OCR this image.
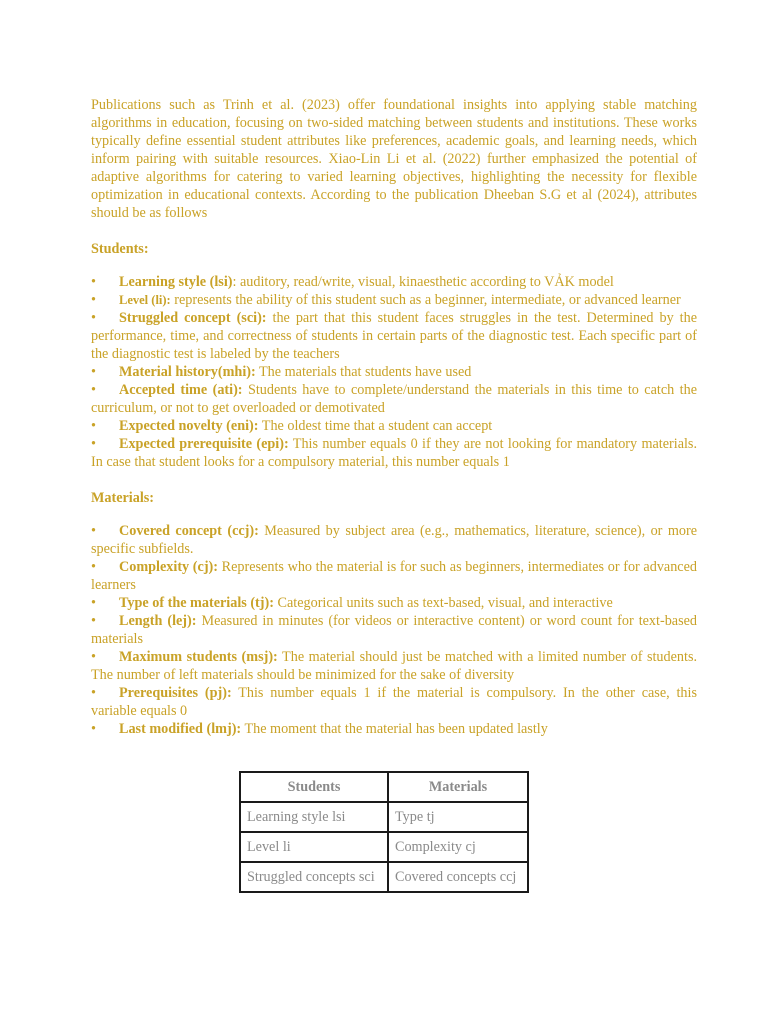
Publications such as Trinh et al. (2023) offer foundational insights into applying stable matching algorithms in education, focusing on two-sided matching between students and institutions. These works typically define essential student attributes like preferences, academic goals, and learning needs, which inform pairing with suitable resources. Xiao-Lin Li et al. (2022) further emphasized the potential of adaptive algorithms for catering to varied learning objectives, highlighting the necessity for flexible optimization in educational contexts. According to the publication Dheeban S.G et al (2024), attributes should be as follows

Students:

• Learning style (lsi): auditory, read/write, visual, kinaesthetic according to VẢK model
• Level (li): represents the ability of this student such as a beginner, intermediate, or advanced learner
• Struggled concept (sci): the part that this student faces struggles in the test. Determined by the performance, time, and correctness of students in certain parts of the diagnostic test. Each specific part of the diagnostic test is labeled by the teachers
• Material history(mhi): The materials that students have used
• Accepted time (ati): Students have to complete/understand the materials in this time to catch the curriculum, or not to get overloaded or demotivated
• Expected novelty (eni): The oldest time that a student can accept
• Expected prerequisite (epi): This number equals 0 if they are not looking for mandatory materials. In case that student looks for a compulsory material, this number equals 1

Materials:

• Covered concept (ccj): Measured by subject area (e.g., mathematics, literature, science), or more specific subfields.
• Complexity (cj): Represents who the material is for such as beginners, intermediates or for advanced learners
• Type of the materials (tj): Categorical units such as text-based, visual, and interactive
• Length (lej): Measured in minutes (for videos or interactive content) or word count for text-based materials
• Maximum students (msj): The material should just be matched with a limited number of students. The number of left materials should be minimized for the sake of diversity
• Prerequisites (pj): This number equals 1 if the material is compulsory. In the other case, this variable equals 0
• Last modified (lmj): The moment that the material has been updated lastly
Students	Materials
Learning style lsi	Type tj
Level li	Complexity cj
Struggled concepts sci	Covered concepts ccj
